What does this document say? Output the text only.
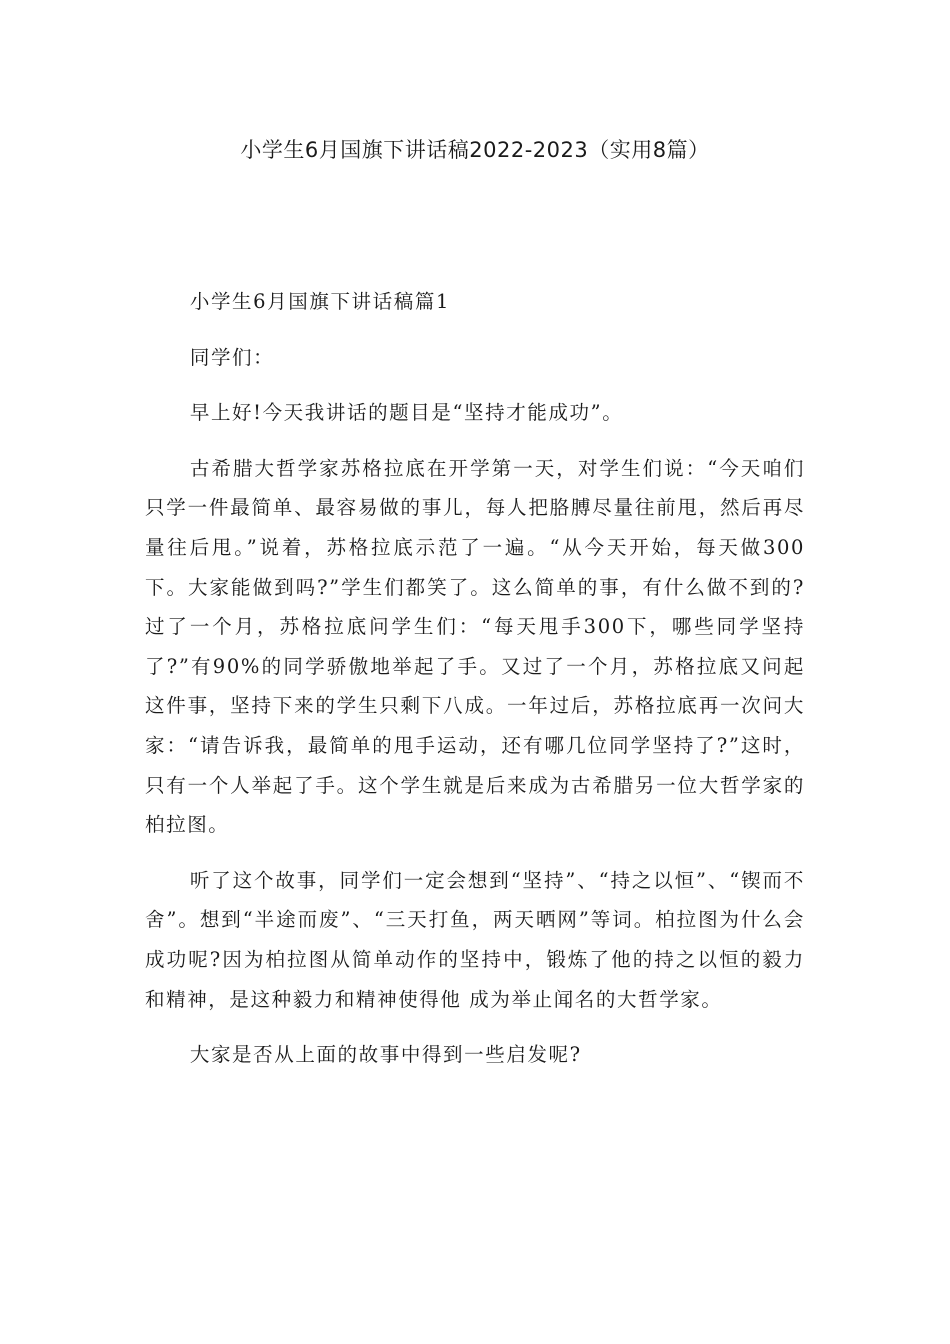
小学生6月国旗下讲话稿2022-2023（实用8篇）

小学生6月国旗下讲话稿篇1

同学们：

早上好!今天我讲话的题目是“坚持才能成功”。

古希腊大哲学家苏格拉底在开学第一天，对学生们说：“今天咱们只学一件最简单、最容易做的事儿，每人把胳膊尽量往前甩，然后再尽量往后甩。”说着，苏格拉底示范了一遍。“从今天开始，每天做300下。大家能做到吗?”学生们都笑了。这么简单的事，有什么做不到的?过了一个月，苏格拉底问学生们：“每天甩手300下，哪些同学坚持了?”有90%的同学骄傲地举起了手。又过了一个月，苏格拉底又问起这件事，坚持下来的学生只剩下八成。一年过后，苏格拉底再一次问大家：“请告诉我，最简单的甩手运动，还有哪几位同学坚持了?”这时，只有一个人举起了手。这个学生就是后来成为古希腊另一位大哲学家的柏拉图。

听了这个故事，同学们一定会想到“坚持”、“持之以恒”、“锲而不舍”。想到“半途而废”、“三天打鱼，两天晒网”等词。柏拉图为什么会成功呢?因为柏拉图从简单动作的坚持中，锻炼了他的持之以恒的毅力和精神，是这种毅力和精神使得他 成为举止闻名的大哲学家。

大家是否从上面的故事中得到一些启发呢?
